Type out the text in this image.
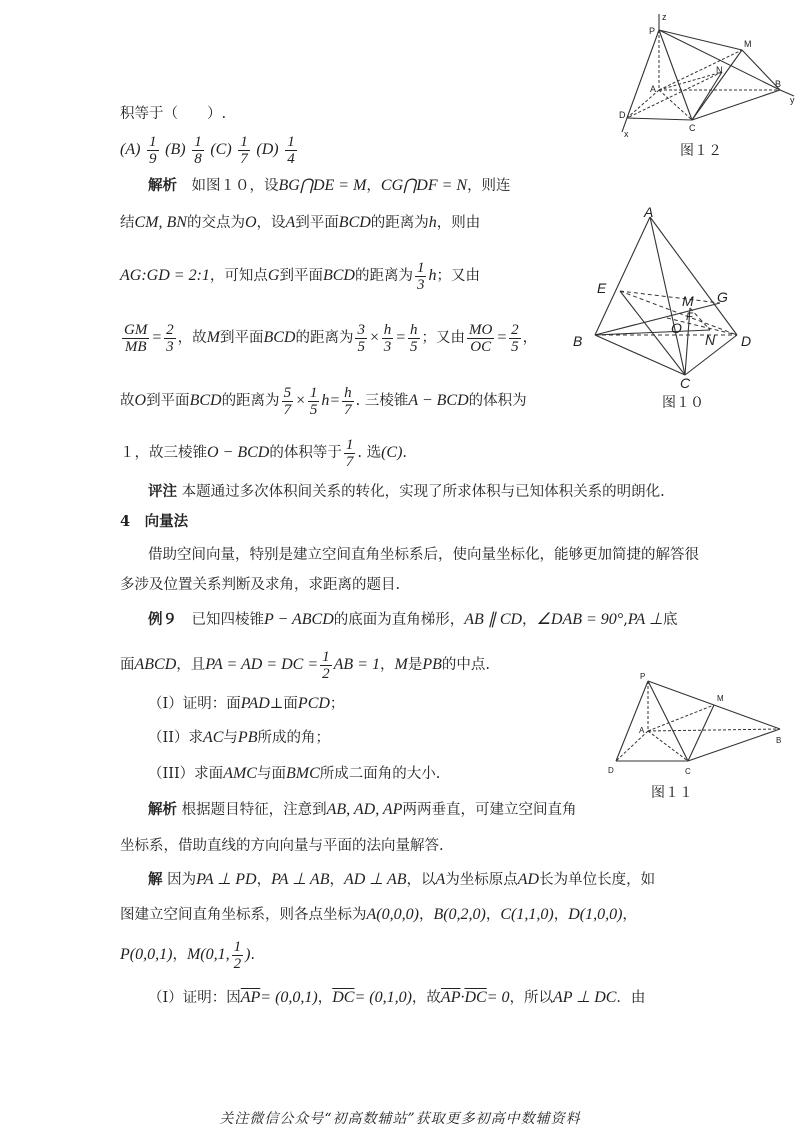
z
P
M
N
A	B
y
D
C
x
图１２
A
E
G
M
F
O
B	N D
C
图１０
P
M
A
B
D	C
图１１
积等于（　　）.
$(A) \frac{1}{9} (B) \frac{1}{8} (C) \frac{1}{7} (D) \frac{1}{4}$
解析　如图１０，设BG⋂DE = M，CG⋂DF = N，则连
结CM, BN的交点为O，设A到平面BCD的距离为h，则由
AG:GD = 2:1，可知点G到平面BCD的距离为 $\frac{1}{3}$ h；又由
$\frac{GM}{MB} = \frac{2}{3}$ ，故M到平面BCD的距离为 $\frac{3}{5} \times \frac{h}{3} = \frac{h}{5}$ ；又由 $\frac{MO}{OC} = \frac{2}{5}$ ，
故O到平面BCD的距离为 $\frac{5}{7} \times \frac{1}{5} h= \frac{h}{7}$ . 三棱锥A − BCD的体积为
１，故三棱锥O − BCD的体积等于 $\frac{1}{7}$ . 选(C).
评注 本题通过多次体积间关系的转化，实现了所求体积与已知体积关系的明朗化.
4　向量法
借助空间向量，特别是建立空间直角坐标系后，使向量坐标化，能够更加简捷的解答很
多涉及位置关系判断及求角，求距离的题目.
例９　已知四棱锥P − ABCD的底面为直角梯形，AB ∥ CD，∠DAB = 90°,PA ⊥底
面ABCD，且PA = AD = DC = $\frac{1}{2}$ AB = 1，M是PB的中点.
（I）证明：面PAD⊥面PCD；
（II）求AC与PB所成的角；
（III）求面AMC与面BMC所成二面角的大小.
解析 根据题目特征，注意到AB, AD, AP两两垂直，可建立空间直角
坐标系，借助直线的方向向量与平面的法向量解答.
解 因为PA ⊥ PD，PA ⊥ AB，AD ⊥ AB，以A为坐标原点AD长为单位长度，如
图建立空间直角坐标系，则各点坐标为A(0,0,0)，B(0,2,0)，C(1,1,0)，D(1,0,0)，
P(0,0,1)，M(0,1, $\frac{1}{2}$ ).
（I）证明：因$\overline{AP}= (0,0,1)$，$\overline{DC}= (0,1,0)$，故$\overline{AP}\cdot\overline{DC}= 0$，所以AP ⊥ DC．由
关注微信公众号“初高数辅站”获取更多初高中数辅资料
